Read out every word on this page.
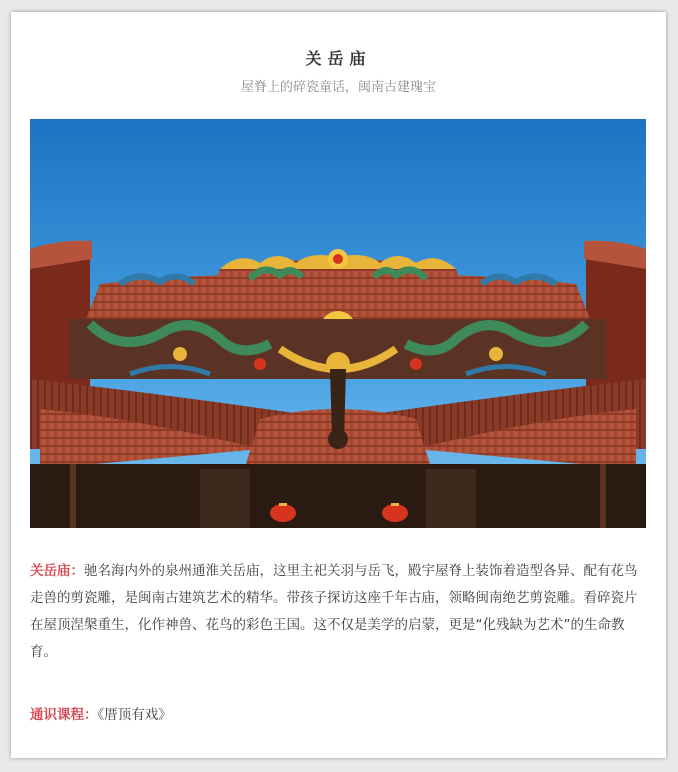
关岳庙
屋脊上的碎瓷童话，闽南古建瑰宝

关岳庙：驰名海内外的泉州通淮关岳庙，这里主祀关羽与岳飞，殿宇屋脊上装饰着造型各异、配有花鸟走兽的剪瓷雕，是闽南古建筑艺术的精华。带孩子探访这座千年古庙，领略闽南绝艺剪瓷雕。看碎瓷片在屋顶涅槃重生，化作神兽、花鸟的彩色王国。这不仅是美学的启蒙，更是“化残缺为艺术”的生命教育。

通识课程：《厝顶有戏》
